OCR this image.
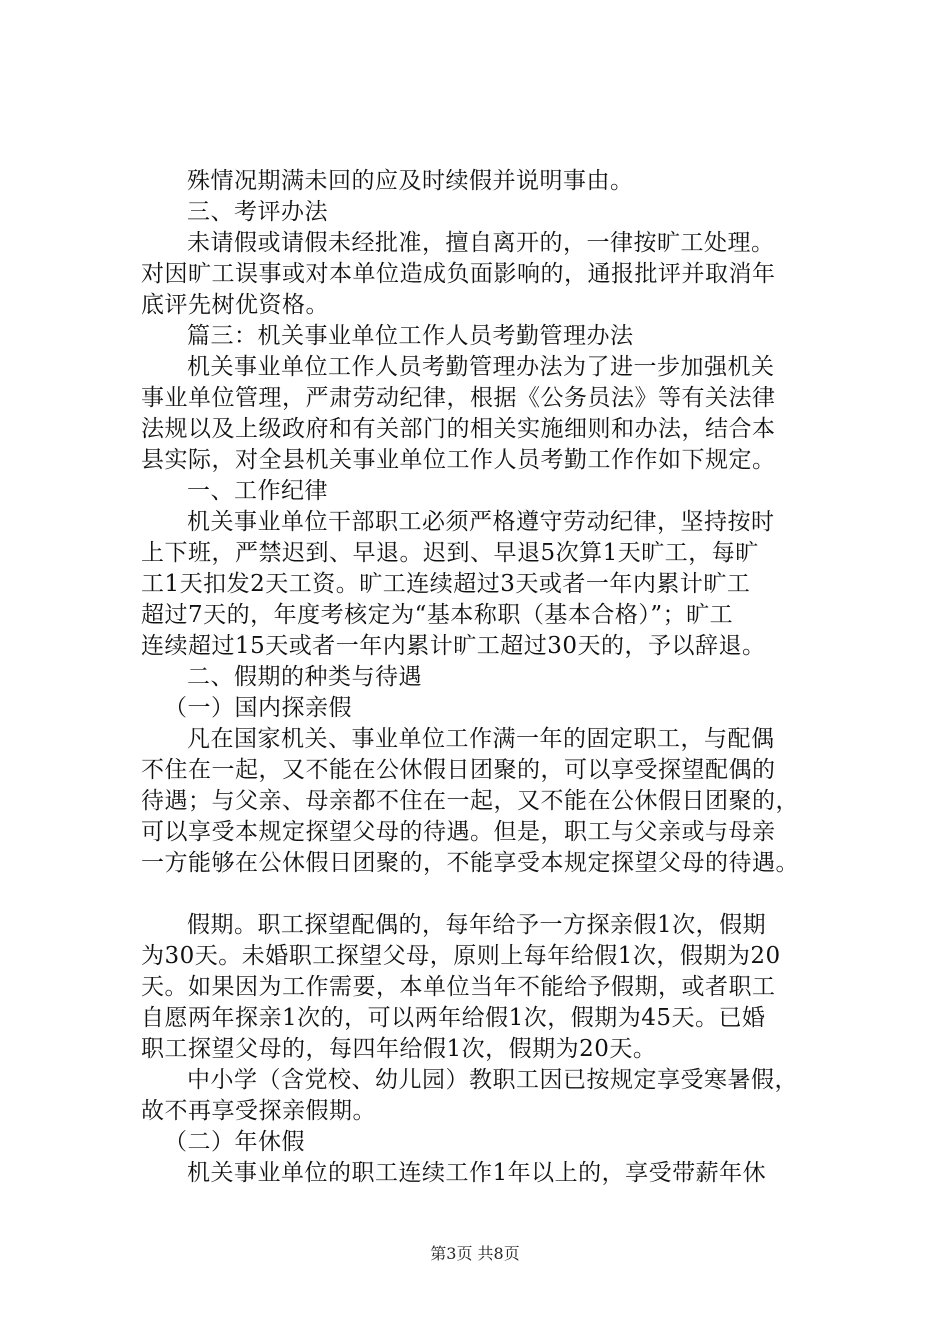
殊情况期满未回的应及时续假并说明事由。
三、考评办法
未请假或请假未经批准，擅自离开的，一律按旷工处理。
对因旷工误事或对本单位造成负面影响的，通报批评并取消年
底评先树优资格。
篇三：机关事业单位工作人员考勤管理办法
机关事业单位工作人员考勤管理办法为了进一步加强机关
事业单位管理，严肃劳动纪律，根据《公务员法》等有关法律
法规以及上级政府和有关部门的相关实施细则和办法，结合本
县实际，对全县机关事业单位工作人员考勤工作作如下规定。
一、工作纪律
机关事业单位干部职工必须严格遵守劳动纪律，坚持按时
上下班，严禁迟到、早退。迟到、早退5次算1天旷工，每旷
工1天扣发2天工资。旷工连续超过3天或者一年内累计旷工
超过7天的，年度考核定为“基本称职（基本合格）”；旷工
连续超过15天或者一年内累计旷工超过30天的，予以辞退。
二、假期的种类与待遇
（一）国内探亲假
凡在国家机关、事业单位工作满一年的固定职工，与配偶
不住在一起，又不能在公休假日团聚的，可以享受探望配偶的
待遇；与父亲、母亲都不住在一起，又不能在公休假日团聚的，
可以享受本规定探望父母的待遇。但是，职工与父亲或与母亲
一方能够在公休假日团聚的，不能享受本规定探望父母的待遇。
假期。职工探望配偶的，每年给予一方探亲假1次，假期
为30天。未婚职工探望父母，原则上每年给假1次，假期为20
天。如果因为工作需要，本单位当年不能给予假期，或者职工
自愿两年探亲1次的，可以两年给假1次，假期为45天。已婚
职工探望父母的，每四年给假1次，假期为20天。
中小学（含党校、幼儿园）教职工因已按规定享受寒暑假，
故不再享受探亲假期。
（二）年休假
机关事业单位的职工连续工作1年以上的，享受带薪年休
第3页 共8页
